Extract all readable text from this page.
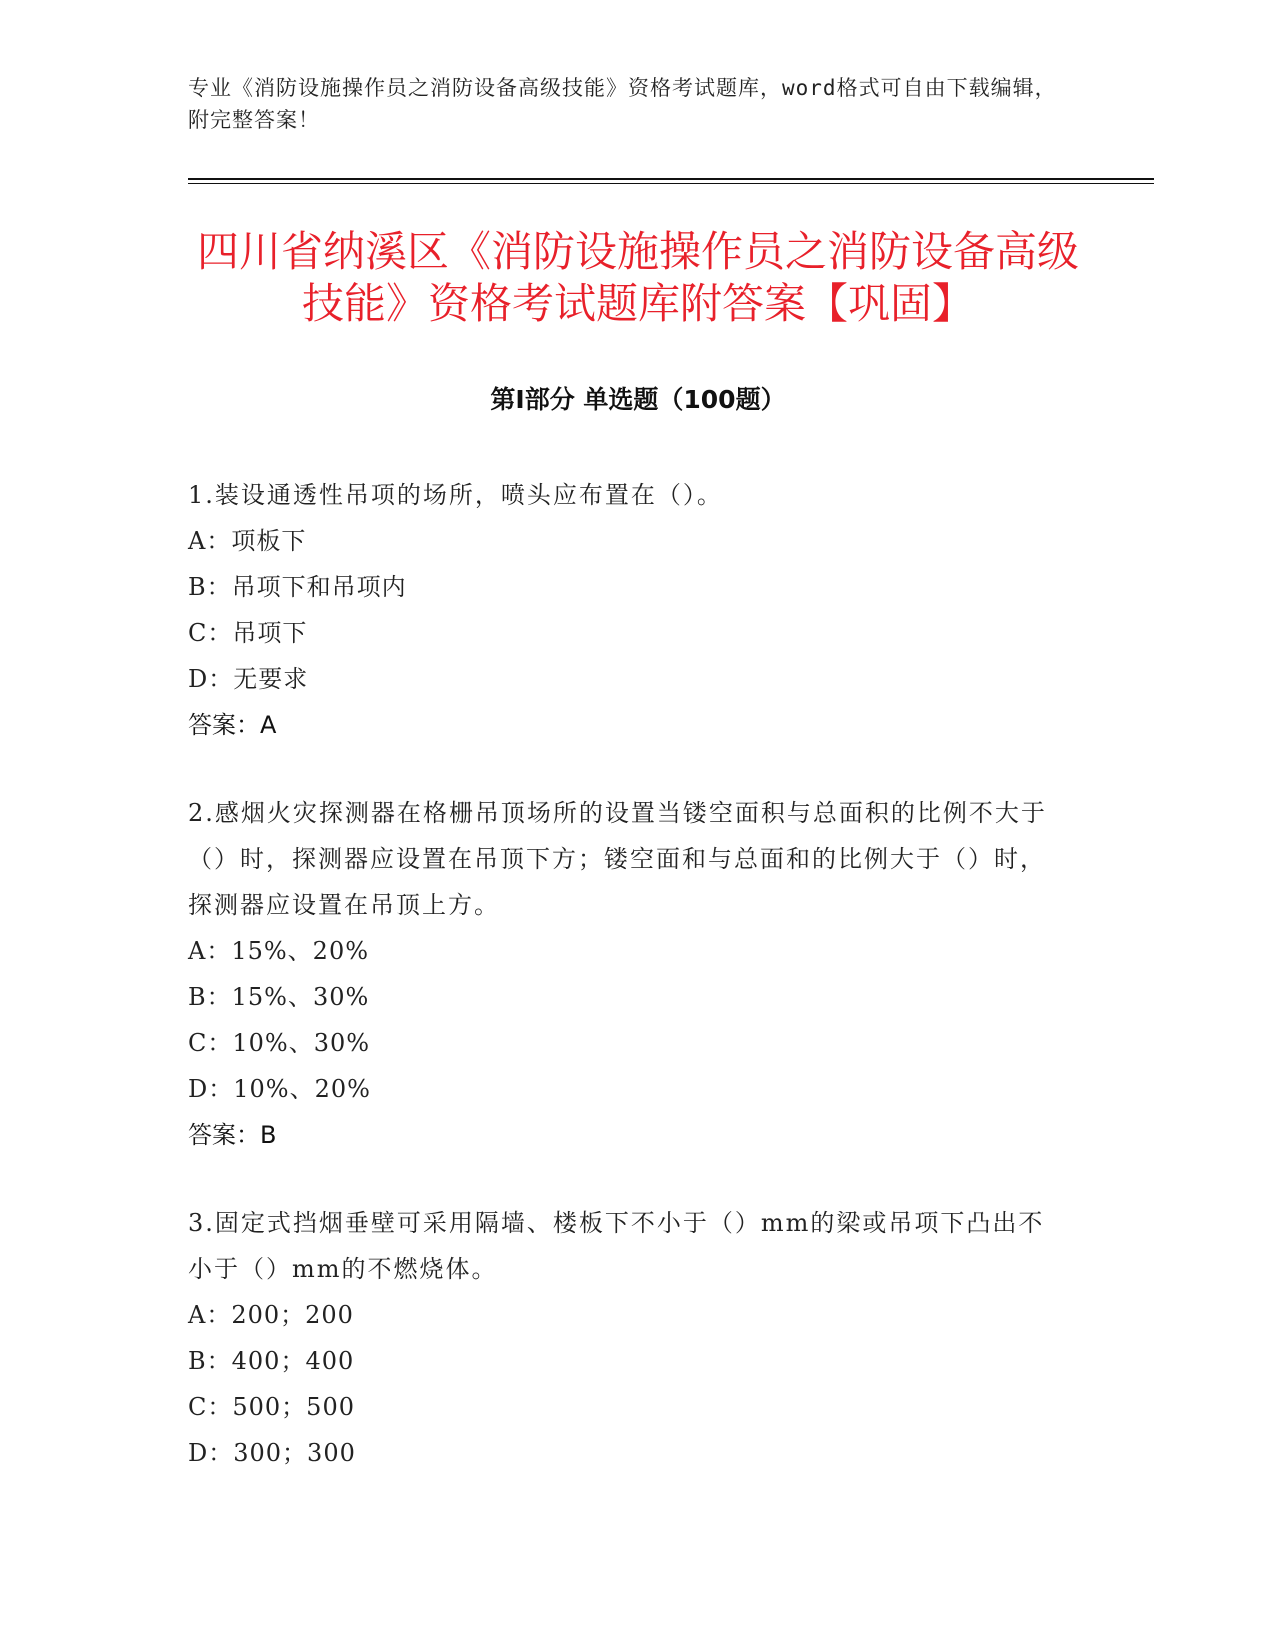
专业《消防设施操作员之消防设备高级技能》资格考试题库，word格式可自由下载编辑，附完整答案！
四川省纳溪区《消防设施操作员之消防设备高级技能》资格考试题库附答案【巩固】
第Ⅰ部分 单选题（100题）
1.装设通透性吊项的场所，喷头应布置在（）。
A：项板下
B：吊项下和吊项内
C：吊项下
D：无要求
答案：A
2.感烟火灾探测器在格栅吊顶场所的设置当镂空面积与总面积的比例不大于（）时，探测器应设置在吊顶下方；镂空面和与总面和的比例大于（）时，探测器应设置在吊顶上方。
A：15%、20%
B：15%、30%
C：10%、30%
D：10%、20%
答案：B
3.固定式挡烟垂壁可采用隔墙、楼板下不小于（）mm的梁或吊项下凸出不小于（）mm的不燃烧体。
A：200；200
B：400；400
C：500；500
D：300；300
